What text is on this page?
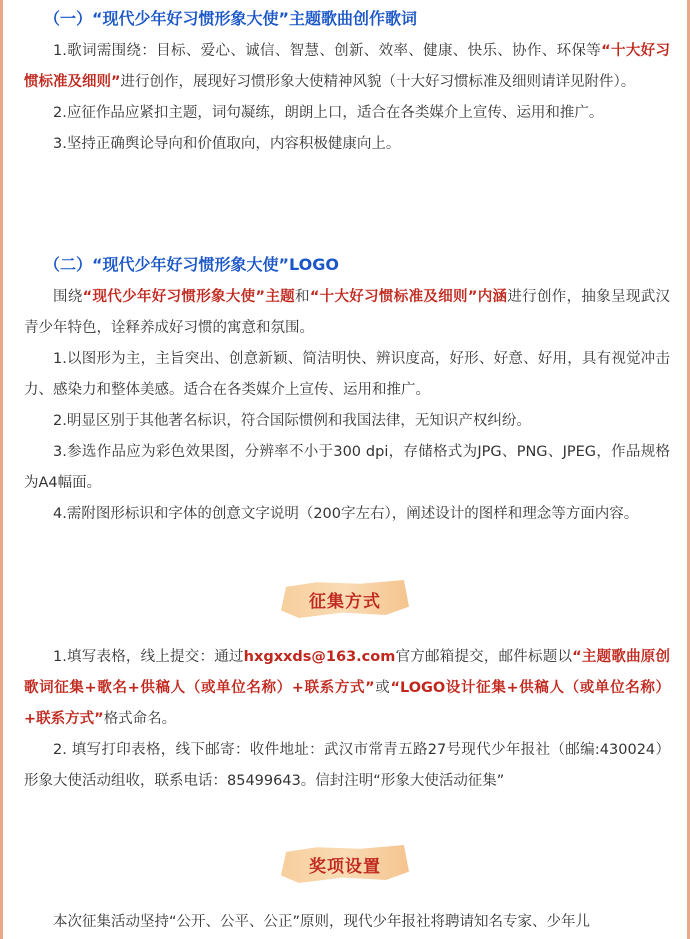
（一）“现代少年好习惯形象大使”主题歌曲创作歌词

1.歌词需围绕：目标、爱心、诚信、智慧、创新、效率、健康、快乐、协作、环保等“十大好习惯标准及细则”进行创作，展现好习惯形象大使精神风貌（十大好习惯标准及细则请详见附件）。

2.应征作品应紧扣主题，词句凝练，朗朗上口，适合在各类媒介上宣传、运用和推广。

3.坚持正确舆论导向和价值取向，内容积极健康向上。

（二）“现代少年好习惯形象大使”LOGO

围绕“现代少年好习惯形象大使”主题和“十大好习惯标准及细则”内涵进行创作，抽象呈现武汉青少年特色，诠释养成好习惯的寓意和氛围。

1.以图形为主，主旨突出、创意新颖、简洁明快、辨识度高，好形、好意、好用，具有视觉冲击力、感染力和整体美感。适合在各类媒介上宣传、运用和推广。

2.明显区别于其他著名标识，符合国际惯例和我国法律，无知识产权纠纷。

3.参选作品应为彩色效果图，分辨率不小于300 dpi，存储格式为JPG、PNG、JPEG，作品规格为A4幅面。

4.需附图形标识和字体的创意文字说明（200字左右），阐述设计的图样和理念等方面内容。

征集方式

1.填写表格，线上提交：通过hxgxxds@163.com官方邮箱提交，邮件标题以“主题歌曲原创歌词征集+歌名+供稿人（或单位名称）+联系方式”或“LOGO设计征集+供稿人（或单位名称）+联系方式”格式命名。

2. 填写打印表格，线下邮寄：收件地址：武汉市常青五路27号现代少年报社（邮编:430024） 形象大使活动组收，联系电话：85499643。信封注明“形象大使活动征集”

奖项设置

本次征集活动坚持“公开、公平、公正”原则，现代少年报社将聘请知名专家、少年儿
